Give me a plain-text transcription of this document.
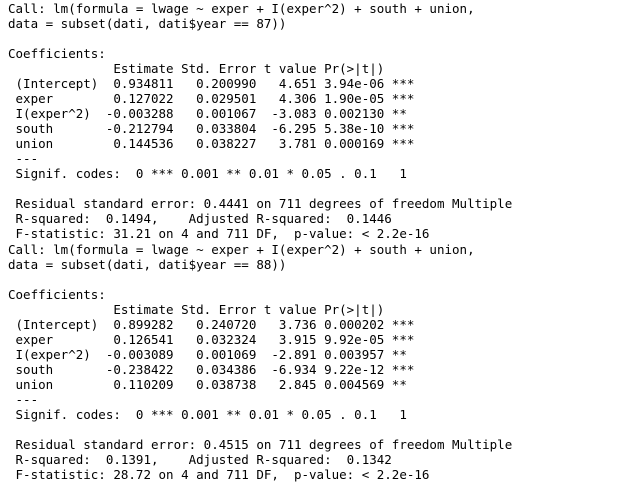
Call: lm(formula = lwage ~ exper + I(exper^2) + south + union,
data = subset(dati, dati$year == 87))
Coefficients:
Estimate Std. Error t value Pr(>|t|)
(Intercept)  0.934811   0.200990   4.651 3.94e-06 ***
exper        0.127022   0.029501   4.306 1.90e-05 ***
I(exper^2)  -0.003288   0.001067  -3.083 0.002130 **
south       -0.212794   0.033804  -6.295 5.38e-10 ***
union        0.144536   0.038227   3.781 0.000169 ***
---
Signif. codes:  0 *** 0.001 ** 0.01 * 0.05 . 0.1   1
Residual standard error: 0.4441 on 711 degrees of freedom Multiple
R-squared:  0.1494,    Adjusted R-squared:  0.1446
F-statistic: 31.21 on 4 and 711 DF,  p-value: < 2.2e-16
Call: lm(formula = lwage ~ exper + I(exper^2) + south + union,
data = subset(dati, dati$year == 88))
Coefficients:
Estimate Std. Error t value Pr(>|t|)
(Intercept)  0.899282   0.240720   3.736 0.000202 ***
exper        0.126541   0.032324   3.915 9.92e-05 ***
I(exper^2)  -0.003089   0.001069  -2.891 0.003957 **
south       -0.238422   0.034386  -6.934 9.22e-12 ***
union        0.110209   0.038738   2.845 0.004569 **
---
Signif. codes:  0 *** 0.001 ** 0.01 * 0.05 . 0.1   1
Residual standard error: 0.4515 on 711 degrees of freedom Multiple
R-squared:  0.1391,    Adjusted R-squared:  0.1342
F-statistic: 28.72 on 4 and 711 DF,  p-value: < 2.2e-16
